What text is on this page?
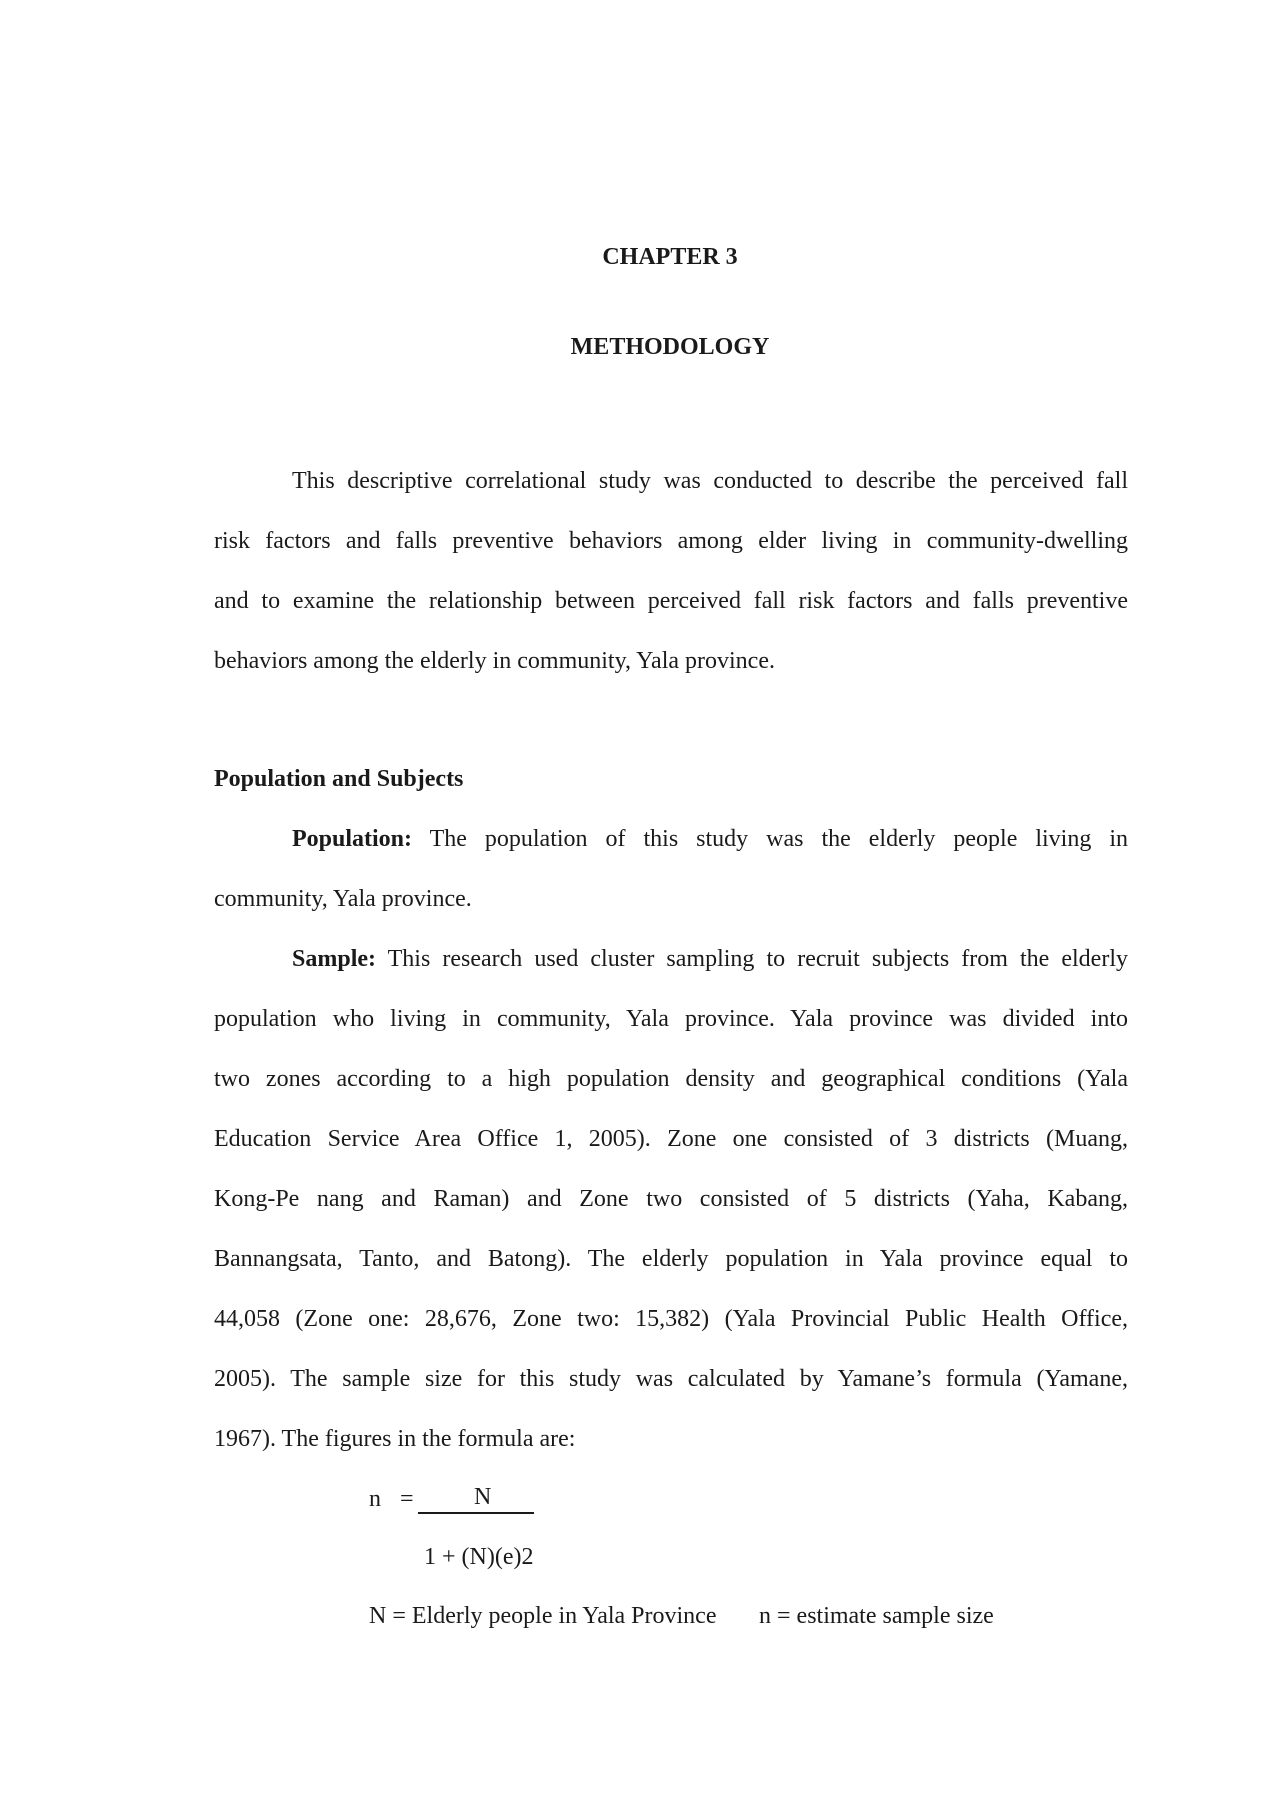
CHAPTER 3
METHODOLOGY
This descriptive correlational study was conducted to describe the perceived fall
risk factors and falls preventive behaviors among elder living in community-dwelling
and to examine the relationship between perceived fall risk factors and falls preventive
behaviors among the elderly in community, Yala province.
Population and Subjects
Population: The population of this study was the elderly people living in
community, Yala province.
Sample: This research used cluster sampling to recruit subjects from the elderly
population who living in community, Yala province. Yala province was divided into
two zones according to a high population density and geographical conditions (Yala
Education Service Area Office 1, 2005). Zone one consisted of 3 districts (Muang,
Kong-Pe nang and Raman) and Zone two consisted of 5 districts (Yaha, Kabang,
Bannangsata, Tanto, and Batong). The elderly population in Yala province equal to
44,058 (Zone one: 28,676, Zone two: 15,382) (Yala Provincial Public Health Office,
2005). The sample size for this study was calculated by Yamane’s formula (Yamane,
1967). The figures in the formula are:
n =	N
1 + (N)(e)2
N = Elderly people in Yala Province n = estimate sample size
